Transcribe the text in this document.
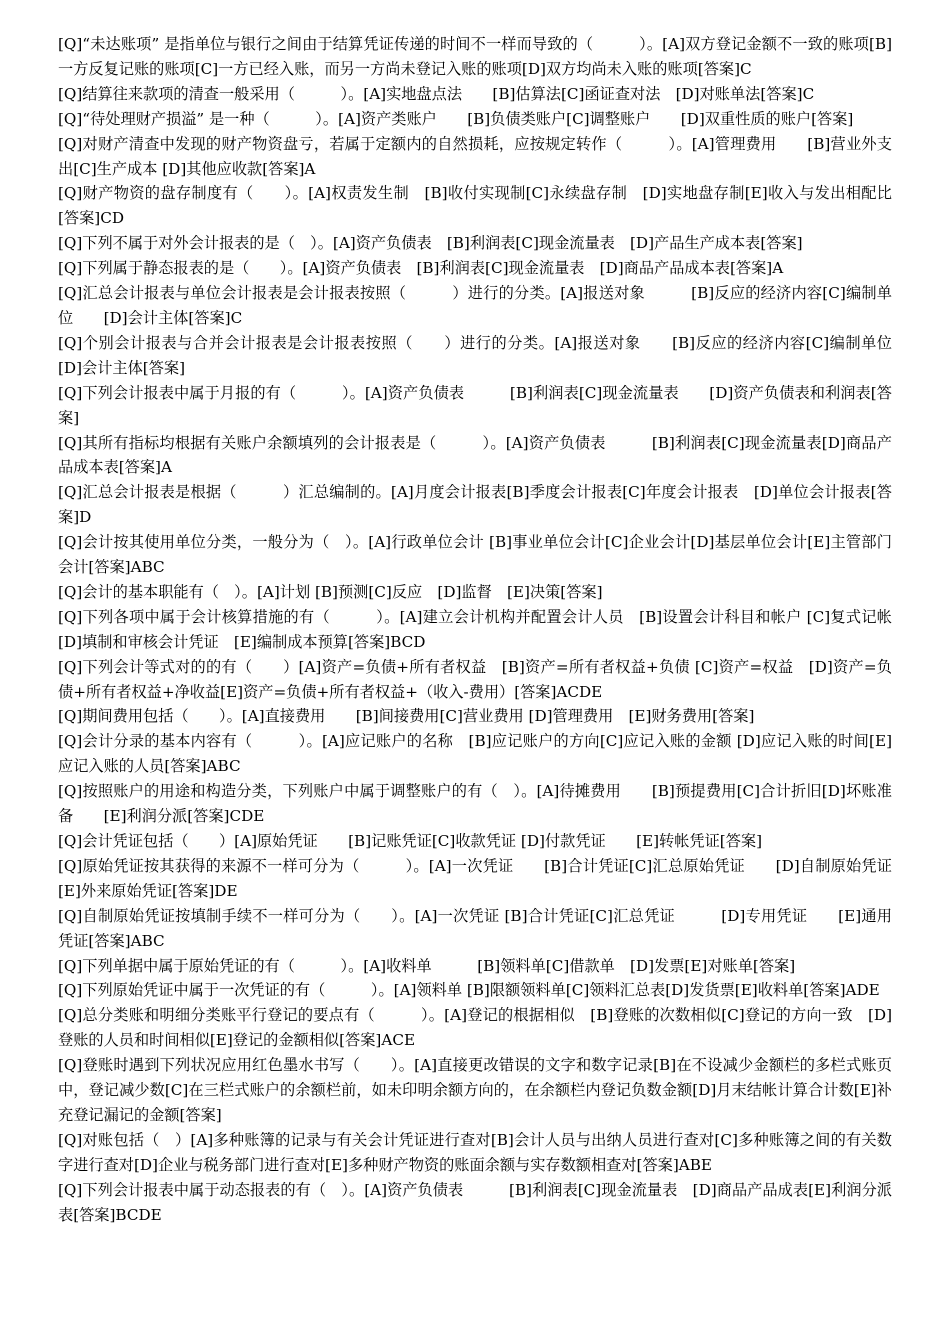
[Q]“未达账项” 是指单位与银行之间由于结算凭证传递的时间不一样而导致的（　　　）。[A]双方登记金额不一致的账项[B]一方反复记账的账项[C]一方已经入账，而另一方尚未登记入账的账项[D]双方均尚未入账的账项[答案]C

[Q]结算往来款项的清查一般采用（　　　）。[A]实地盘点法　　[B]估算法[C]函证查对法　[D]对账单法[答案]C

[Q]“待处理财产损溢” 是一种（　　　）。[A]资产类账户　　[B]负债类账户[C]调整账户　　[D]双重性质的账户[答案]

[Q]对财产清查中发现的财产物资盘亏，若属于定额内的自然损耗，应按规定转作（　　　）。[A]管理费用　　[B]营业外支出[C]生产成本 [D]其他应收款[答案]A

[Q]财产物资的盘存制度有（　　）。[A]权责发生制　[B]收付实现制[C]永续盘存制　[D]实地盘存制[E]收入与发出相配比[答案]CD

[Q]下列不属于对外会计报表的是（　）。[A]资产负债表　[B]利润表[C]现金流量表　[D]产品生产成本表[答案]

[Q]下列属于静态报表的是（　　）。[A]资产负债表　[B]利润表[C]现金流量表　[D]商品产品成本表[答案]A

[Q]汇总会计报表与单位会计报表是会计报表按照（　　　）进行的分类。[A]报送对象　　　[B]反应的经济内容[C]编制单位　　[D]会计主体[答案]C

[Q]个别会计报表与合并会计报表是会计报表按照（　　）进行的分类。[A]报送对象　　[B]反应的经济内容[C]编制单位　　[D]会计主体[答案]

[Q]下列会计报表中属于月报的有（　　　）。[A]资产负债表　　　[B]利润表[C]现金流量表　　[D]资产负债表和利润表[答案]

[Q]其所有指标均根据有关账户余额填列的会计报表是（　　　）。[A]资产负债表　　　[B]利润表[C]现金流量表[D]商品产品成本表[答案]A

[Q]汇总会计报表是根据（　　　）汇总编制的。[A]月度会计报表[B]季度会计报表[C]年度会计报表　[D]单位会计报表[答案]D

[Q]会计按其使用单位分类，一般分为（　）。[A]行政单位会计 [B]事业单位会计[C]企业会计[D]基层单位会计[E]主管部门会计[答案]ABC

[Q]会计的基本职能有（　）。[A]计划 [B]预测[C]反应　[D]监督　[E]决策[答案]

[Q]下列各项中属于会计核算措施的有（　　　）。[A]建立会计机构并配置会计人员　[B]设置会计科目和帐户 [C]复式记帐[D]填制和审核会计凭证　[E]编制成本预算[答案]BCD

[Q]下列会计等式对的的有（　　）[A]资产=负债+所有者权益　[B]资产=所有者权益+负债 [C]资产=权益　[D]资产=负债+所有者权益+净收益[E]资产=负债+所有者权益+（收入-费用）[答案]ACDE

[Q]期间费用包括（　　）。[A]直接费用　　[B]间接费用[C]营业费用 [D]管理费用　[E]财务费用[答案]

[Q]会计分录的基本内容有（　　　）。[A]应记账户的名称　[B]应记账户的方向[C]应记入账的金额 [D]应记入账的时间[E]应记入账的人员[答案]ABC

[Q]按照账户的用途和构造分类，下列账户中属于调整账户的有（　）。[A]待摊费用　　[B]预提费用[C]合计折旧[D]坏账准备　　[E]利润分派[答案]CDE

[Q]会计凭证包括（　　）[A]原始凭证　　[B]记账凭证[C]收款凭证 [D]付款凭证　　[E]转帐凭证[答案]

[Q]原始凭证按其获得的来源不一样可分为（　　　）。[A]一次凭证　　[B]合计凭证[C]汇总原始凭证　　[D]自制原始凭证[E]外来原始凭证[答案]DE

[Q]自制原始凭证按填制手续不一样可分为（　　）。[A]一次凭证 [B]合计凭证[C]汇总凭证　　　[D]专用凭证　　[E]通用凭证[答案]ABC

[Q]下列单据中属于原始凭证的有（　　　）。[A]收料单　　　[B]领料单[C]借款单　[D]发票[E]对账单[答案]

[Q]下列原始凭证中属于一次凭证的有（　　　）。[A]领料单 [B]限额领料单[C]领料汇总表[D]发货票[E]收料单[答案]ADE

[Q]总分类账和明细分类账平行登记的要点有（　　　）。[A]登记的根据相似　[B]登账的次数相似[C]登记的方向一致　[D]登账的人员和时间相似[E]登记的金额相似[答案]ACE

[Q]登账时遇到下列状况应用红色墨水书写（　　）。[A]直接更改错误的文字和数字记录[B]在不设减少金额栏的多栏式账页中，登记减少数[C]在三栏式账户的余额栏前，如未印明余额方向的，在余额栏内登记负数金额[D]月末结帐计算合计数[E]补充登记漏记的金额[答案]

[Q]对账包括（　）[A]多种账簿的记录与有关会计凭证进行查对[B]会计人员与出纳人员进行查对[C]多种账簿之间的有关数字进行查对[D]企业与税务部门进行查对[E]多种财产物资的账面余额与实存数额相查对[答案]ABE

[Q]下列会计报表中属于动态报表的有（　）。[A]资产负债表　　　[B]利润表[C]现金流量表　[D]商品产品成表[E]利润分派表[答案]BCDE
